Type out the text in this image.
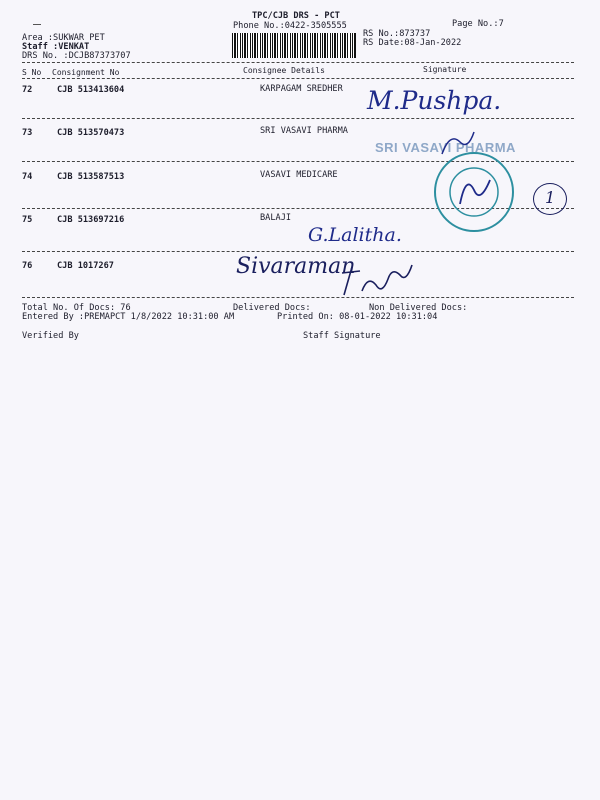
TPC/CJB DRS - PCT
Phone No.:0422-3505555	Page No.:7
Area :SUKWAR PET
Staff :VENKAT
DRS No. :DCJB87373707
RS No.:873737
RS Date:08-Jan-2022
S No Consignment No	Consignee Details	Signature
72	CJB 513413604	KARPAGAM SREDHER
73	CJB 513570473	SRI VASAVI PHARMA
74	CJB 513587513	VASAVI MEDICARE
75	CJB 513697216	BALAJI
76	CJB 1017267
M.Pushpa.
G.Lalitha.
Sivaraman
SRI VASAVI PHARMA
1
Total No. Of Docs: 76	Delivered Docs:	Non Delivered Docs:
Entered By :PREMAPCT 1/8/2022 10:31:00 AM	Printed On: 08-01-2022 10:31:04
Verified By	Staff Signature
